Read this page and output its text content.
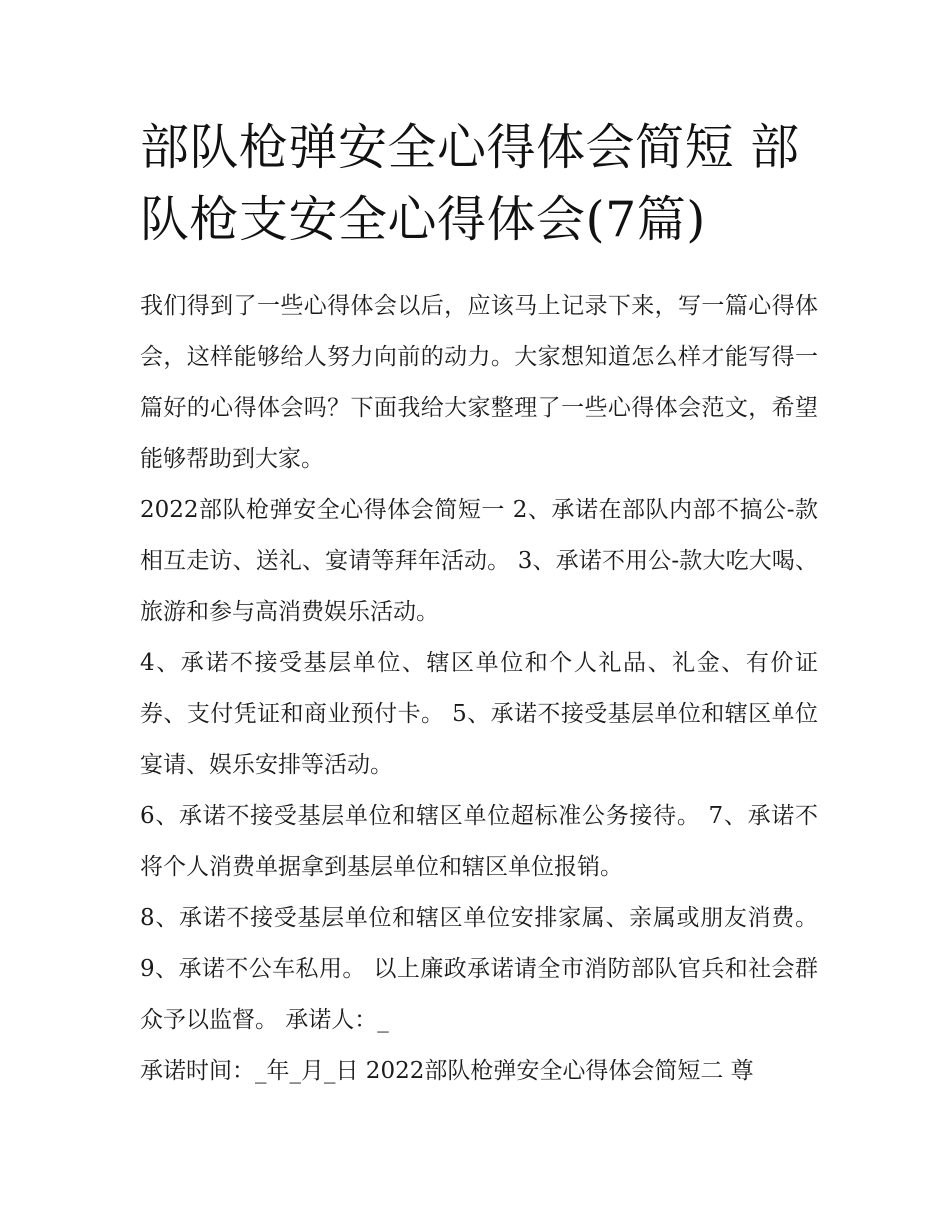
部队枪弹安全心得体会简短 部队枪支安全心得体会(7篇)

我们得到了一些心得体会以后，应该马上记录下来，写一篇心得体会，这样能够给人努力向前的动力。大家想知道怎么样才能写得一篇好的心得体会吗？下面我给大家整理了一些心得体会范文，希望能够帮助到大家。

2022部队枪弹安全心得体会简短一 2、承诺在部队内部不搞公-款相互走访、送礼、宴请等拜年活动。 3、承诺不用公-款大吃大喝、旅游和参与高消费娱乐活动。

4、承诺不接受基层单位、辖区单位和个人礼品、礼金、有价证券、支付凭证和商业预付卡。 5、承诺不接受基层单位和辖区单位宴请、娱乐安排等活动。

6、承诺不接受基层单位和辖区单位超标准公务接待。 7、承诺不将个人消费单据拿到基层单位和辖区单位报销。

8、承诺不接受基层单位和辖区单位安排家属、亲属或朋友消费。 9、承诺不公车私用。 以上廉政承诺请全市消防部队官兵和社会群众予以监督。 承诺人：_

承诺时间：_年_月_日 2022部队枪弹安全心得体会简短二 尊
